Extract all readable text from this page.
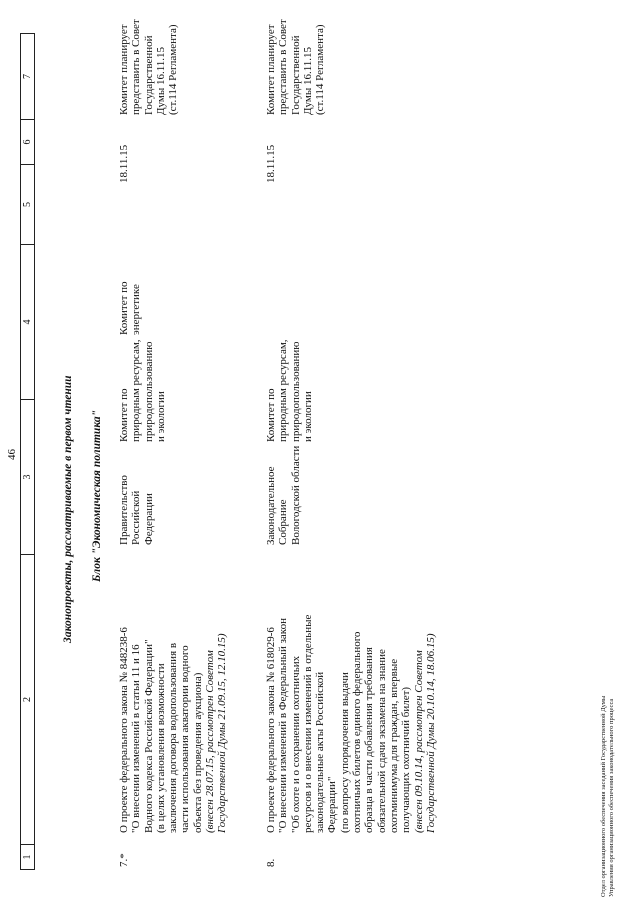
46
1
2
3
4
5
6
7
Законопроекты, рассматриваемые в первом чтении Блок "Экономическая политика"
7.*
О проекте федерального закона № 848238-6
"О внесении изменений в статьи 11 и 16
Водного кодекса Российской Федерации"
(в целях установления возможности
заключения договора водопользования в
части использования акватории водного
объекта без проведения аукциона)
(внесен 28.07.15, рассмотрен Советом
Государственной Думы 21.09.15, 12.10.15)
Правительство
Российской
Федерации
Комитет по
природным ресурсам,
природопользованию
и экологии
Комитет по
энергетике
18.11.15
Комитет планирует
представить в Совет
Государственной
Думы 16.11.15
(ст.114 Регламента)
8.
О проекте федерального закона № 618029-6
"О внесении изменений в Федеральный закон
"Об охоте и о сохранении охотничьих
ресурсов и о внесении изменений в отдельные
законодательные акты Российской
Федерации"
(по вопросу упорядочения выдачи
охотничьих билетов единого федерального
образца в части добавления требования
обязательной сдачи экзамена на знание
охотминимума для граждан, впервые
получающих охотничий билет)
(внесен 09.10.14, рассмотрен Советом
Государственной Думы 20.10.14, 18.06.15)
Законодательное
Собрание
Вологодской области
Комитет по
природным ресурсам,
природопользованию
и экологии
18.11.15
Комитет планирует
представить в Совет
Государственной
Думы 16.11.15
(ст.114 Регламента)
Отдел организационного обеспечения заседаний Государственной Думы Управления организационного обеспечения законодательного процесса
